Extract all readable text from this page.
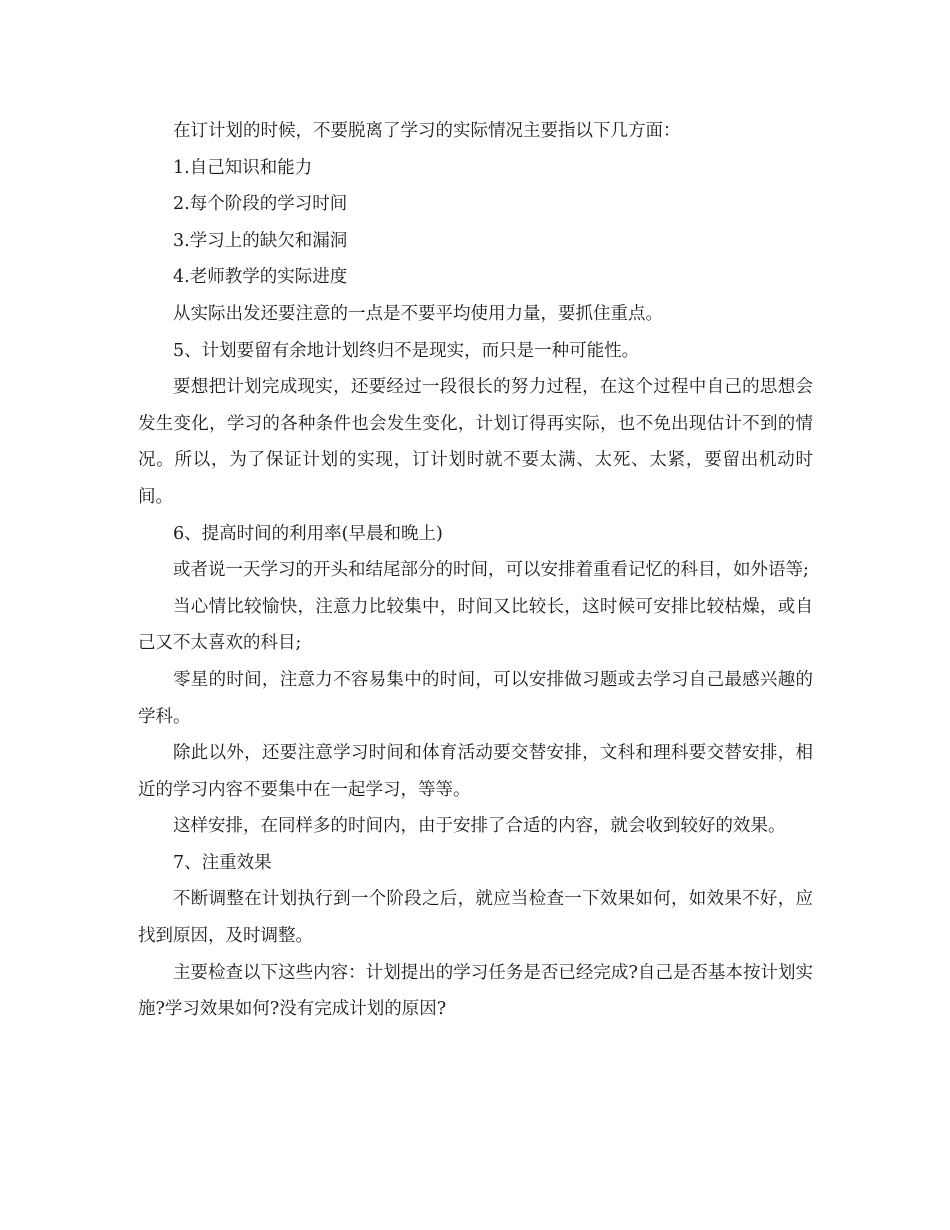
在订计划的时候，不要脱离了学习的实际情况主要指以下几方面：

1.自己知识和能力

2.每个阶段的学习时间

3.学习上的缺欠和漏洞

4.老师教学的实际进度

从实际出发还要注意的一点是不要平均使用力量，要抓住重点。

5、计划要留有余地计划终归不是现实，而只是一种可能性。

要想把计划完成现实，还要经过一段很长的努力过程，在这个过程中自己的思想会发生变化，学习的各种条件也会发生变化，计划订得再实际，也不免出现估计不到的情况。所以，为了保证计划的实现，订计划时就不要太满、太死、太紧，要留出机动时间。

6、提高时间的利用率(早晨和晚上)

或者说一天学习的开头和结尾部分的时间，可以安排着重看记忆的科目，如外语等;

当心情比较愉快，注意力比较集中，时间又比较长，这时候可安排比较枯燥，或自己又不太喜欢的科目;

零星的时间，注意力不容易集中的时间，可以安排做习题或去学习自己最感兴趣的学科。

除此以外，还要注意学习时间和体育活动要交替安排，文科和理科要交替安排，相近的学习内容不要集中在一起学习，等等。

这样安排，在同样多的时间内，由于安排了合适的内容，就会收到较好的效果。

7、注重效果

不断调整在计划执行到一个阶段之后，就应当检查一下效果如何，如效果不好，应找到原因，及时调整。

主要检查以下这些内容：计划提出的学习任务是否已经完成?自己是否基本按计划实施?学习效果如何?没有完成计划的原因?
